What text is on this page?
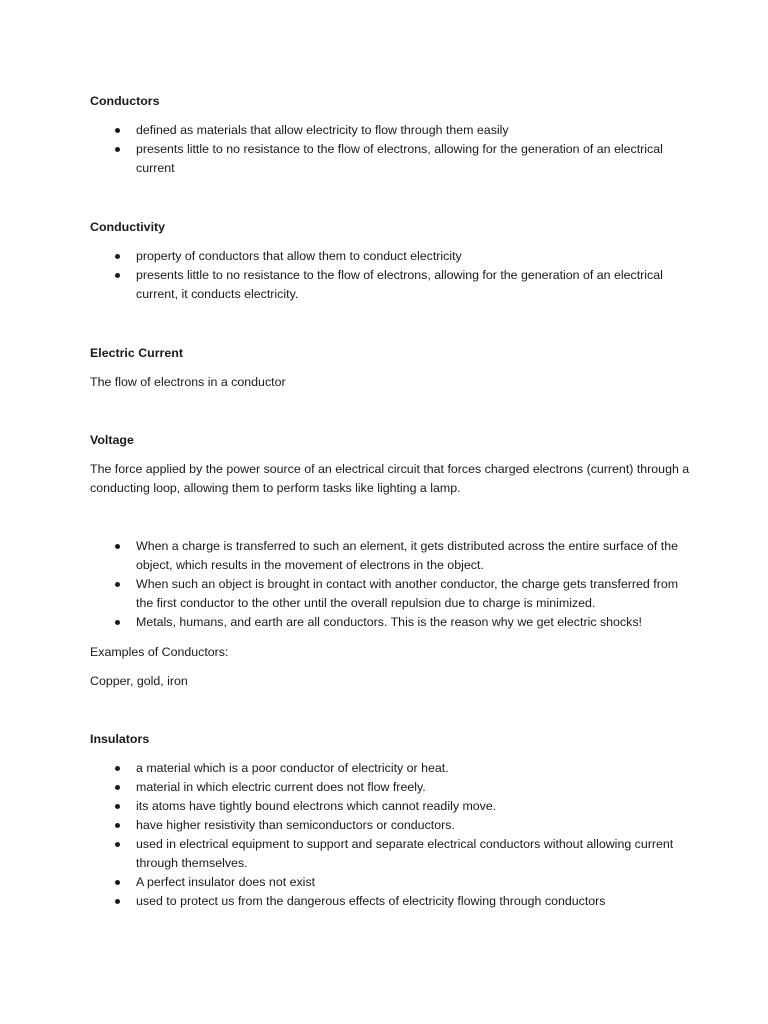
Conductors
defined as materials that allow electricity to flow through them easily
presents little to no resistance to the flow of electrons, allowing for the generation of an electrical current
Conductivity
property of conductors that allow them to conduct electricity
presents little to no resistance to the flow of electrons, allowing for the generation of an electrical current, it conducts electricity.
Electric Current

The flow of electrons in a conductor

Voltage

The force applied by the power source of an electrical circuit that forces charged electrons (current) through a conducting loop, allowing them to perform tasks like lighting a lamp.

When a charge is transferred to such an element, it gets distributed across the entire surface of the object, which results in the movement of electrons in the object.
When such an object is brought in contact with another conductor, the charge gets transferred from the first conductor to the other until the overall repulsion due to charge is minimized.
Metals, humans, and earth are all conductors. This is the reason why we get electric shocks!

Examples of Conductors:

Copper, gold, iron

Insulators
a material which is a poor conductor of electricity or heat.
material in which electric current does not flow freely.
its atoms have tightly bound electrons which cannot readily move.
have higher resistivity than semiconductors or conductors.
used in electrical equipment to support and separate electrical conductors without allowing current through themselves.
A perfect insulator does not exist
used to protect us from the dangerous effects of electricity flowing through conductors
